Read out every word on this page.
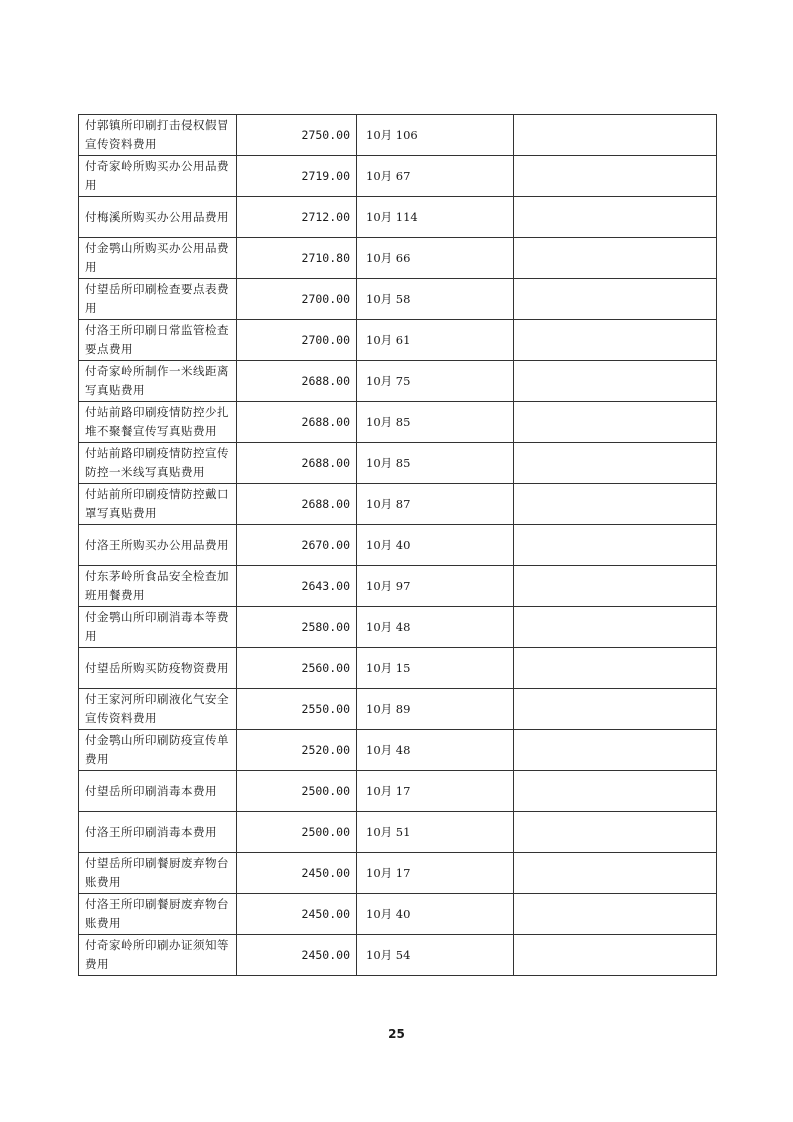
付郭镇所印刷打击侵权假冒宣传资料费用	2750.00	10月 106	
付奇家岭所购买办公用品费用	2719.00	10月 67	
付梅溪所购买办公用品费用	2712.00	10月 114	
付金鹗山所购买办公用品费用	2710.80	10月 66	
付望岳所印刷检查要点表费用	2700.00	10月 58	
付洛王所印刷日常监管检查要点费用	2700.00	10月 61	
付奇家岭所制作一米线距离写真贴费用	2688.00	10月 75	
付站前路印刷疫情防控少扎堆不聚餐宣传写真贴费用	2688.00	10月 85	
付站前路印刷疫情防控宣传防控一米线写真贴费用	2688.00	10月 85	
付站前所印刷疫情防控戴口罩写真贴费用	2688.00	10月 87	
付洛王所购买办公用品费用	2670.00	10月 40	
付东茅岭所食品安全检查加班用餐费用	2643.00	10月 97	
付金鹗山所印刷消毒本等费用	2580.00	10月 48	
付望岳所购买防疫物资费用	2560.00	10月 15	
付王家河所印刷液化气安全宣传资料费用	2550.00	10月 89	
付金鹗山所印刷防疫宣传单费用	2520.00	10月 48	
付望岳所印刷消毒本费用	2500.00	10月 17	
付洛王所印刷消毒本费用	2500.00	10月 51	
付望岳所印刷餐厨废弃物台账费用	2450.00	10月 17	
付洛王所印刷餐厨废弃物台账费用	2450.00	10月 40	
付奇家岭所印刷办证须知等费用	2450.00	10月 54	
25
